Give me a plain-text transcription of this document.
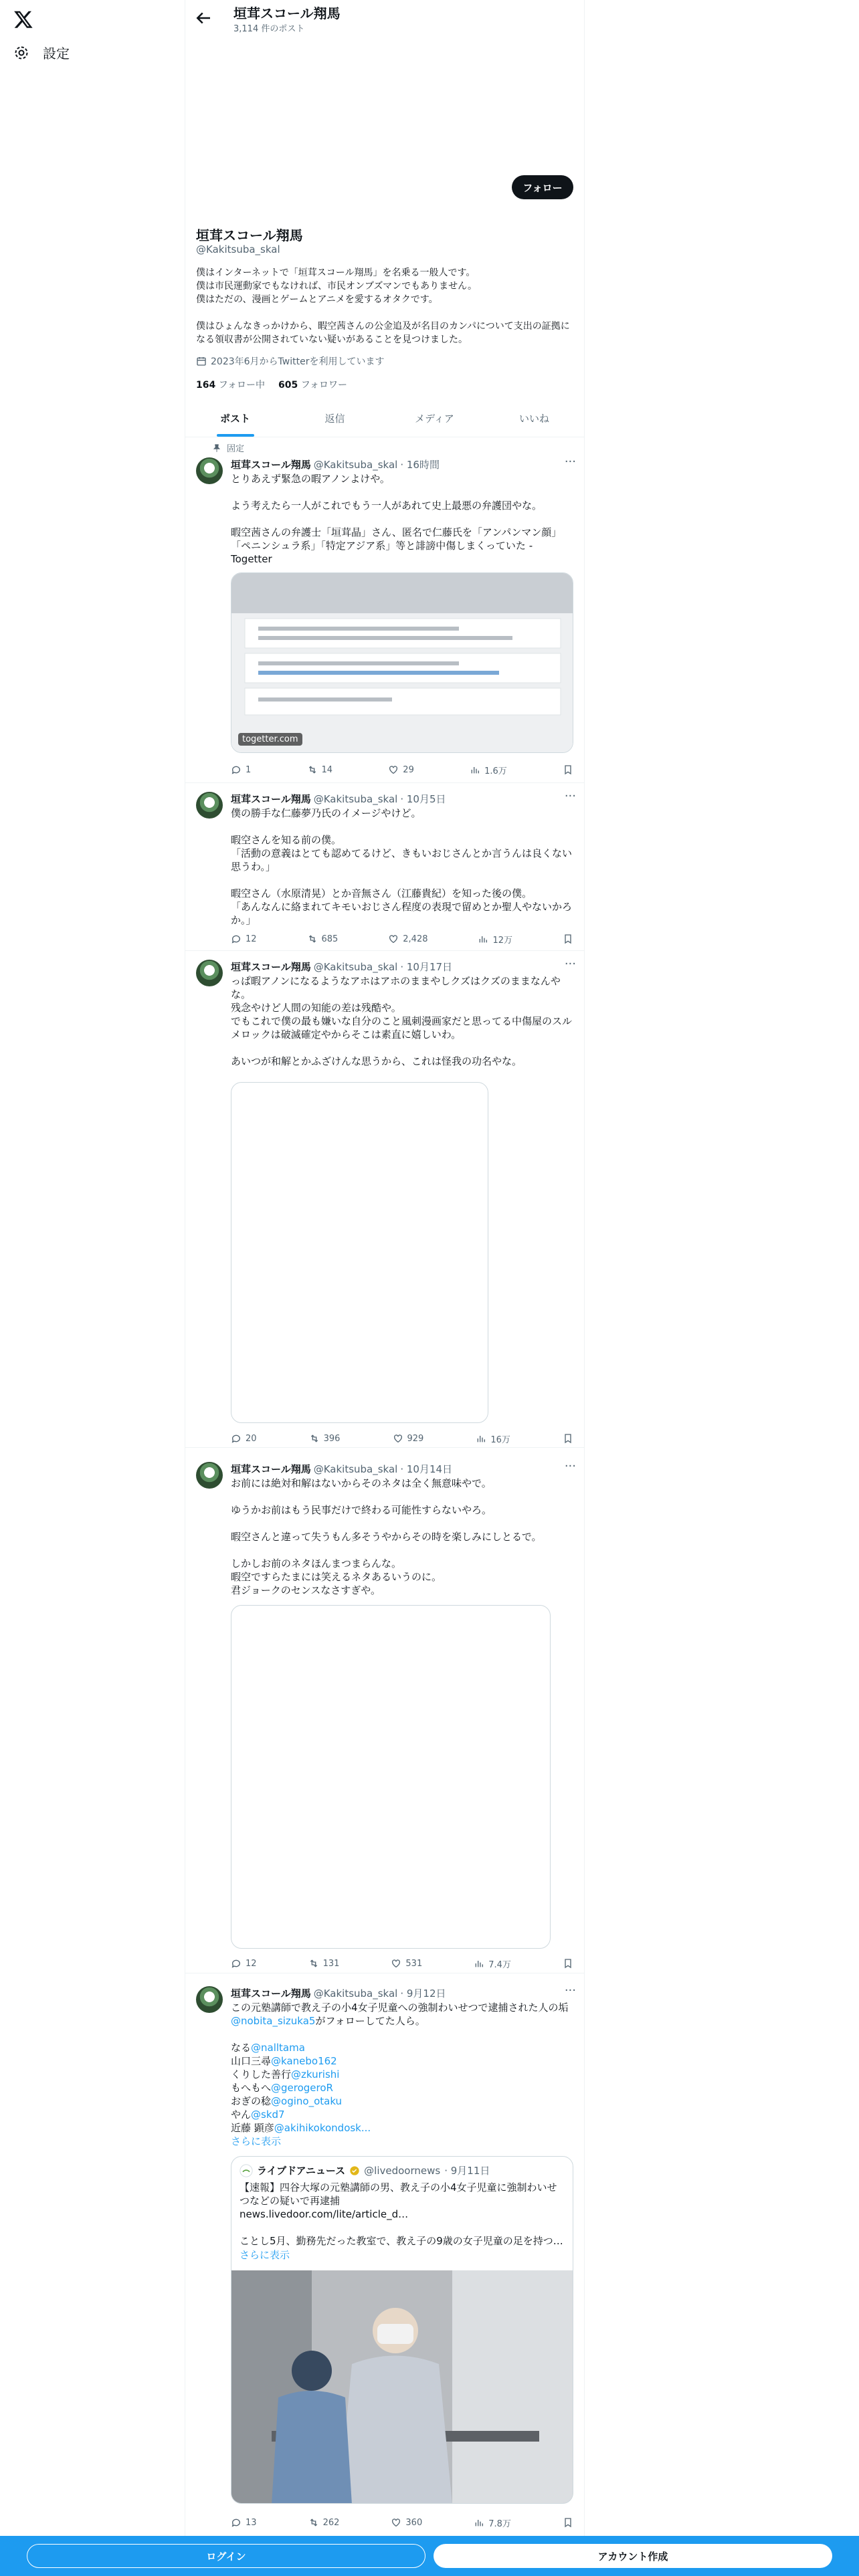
設定
垣茸スコール翔馬
3,114 件のポスト
フォロー
垣茸スコール翔馬
@Kakitsuba_skal
僕はインターネットで「垣茸スコール翔馬」を名乗る一般人です。
僕は市民運動家でもなければ、市民オンブズマンでもありません。
僕はただの、漫画とゲームとアニメを愛するオタクです。

僕はひょんなきっかけから、暇空茜さんの公金追及が名目のカンパについて支出の証拠になる領収書が公開されていない疑いがあることを見つけました。
2023年6月からTwitterを利用しています
164 フォロー中 605 フォロワー
ポスト	返信	メディア	いいね
固定
垣茸スコール翔馬 @Kakitsuba_skal · 16時間	···
とりあえず緊急の暇アノンよけや。

よう考えたら一人がこれでもう一人があれて史上最悪の弁護団やな。

暇空茜さんの弁護士「垣茸晶」さん、匿名で仁藤氏を「アンパンマン顔」「ペニンシュラ系」「特定アジア系」等と誹謗中傷しまくっていた - Togetter
togetter.com
1	14	29	1.6万
垣茸スコール翔馬 @Kakitsuba_skal · 10月5日	···
僕の勝手な仁藤夢乃氏のイメージやけど。

暇空さんを知る前の僕。
「活動の意義はとても認めてるけど、きもいおじさんとか言うんは良くない思うわ。」

暇空さん（水原清晃）とか音無さん（江藤貴紀）を知った後の僕。
「あんなんに絡まれてキモいおじさん程度の表現で留めとか聖人やないかろか。」
12	685	2,428	12万
垣茸スコール翔馬 @Kakitsuba_skal · 10月17日	···
っぱ暇アノンになるようなアホはアホのままやしクズはクズのままなんやな。
残念やけど人間の知能の差は残酷や。
でもこれで僕の最も嫌いな自分のこと風刺漫画家だと思ってる中傷屋のスルメロックは破滅確定やからそこは素直に嬉しいわ。

あいつが和解とかふざけんな思うから、これは怪我の功名やな。
20	396	929	16万
垣茸スコール翔馬 @Kakitsuba_skal · 10月14日	···
お前には絶対和解はないからそのネタは全く無意味やで。

ゆうかお前はもう民事だけで終わる可能性すらないやろ。

暇空さんと違って失うもん多そうやからその時を楽しみにしとるで。

しかしお前のネタほんまつまらんな。
暇空ですらたまには笑えるネタあるいうのに。
君ジョークのセンスなさすぎや。
12	131	531	7.4万
垣茸スコール翔馬 @Kakitsuba_skal · 9月12日	···
この元塾講師で教え子の小4女子児童への強制わいせつで逮捕された人の垢@nobita_sizuka5がフォローしてた人ら。
なる@nalltama
山口三尋@kanebo162
くりした善行@zkurishi
もへもへ@gerogeroR
おぎの稔@ogino_otaku
やん@skd7
近藤 顕彦@akihikokondosk...
さらに表示
ライブドアニュース @livedoornews · 9月11日
【速報】四谷大塚の元塾講師の男、教え子の小4女子児童に強制わいせつなどの疑いで再逮捕
news.livedoor.com/lite/article_d…

ことし5月、勤務先だった教室で、教え子の9歳の女子児童の足を持つ…
さらに表示
13	262	360	7.8万
ログイン	アカウント作成
